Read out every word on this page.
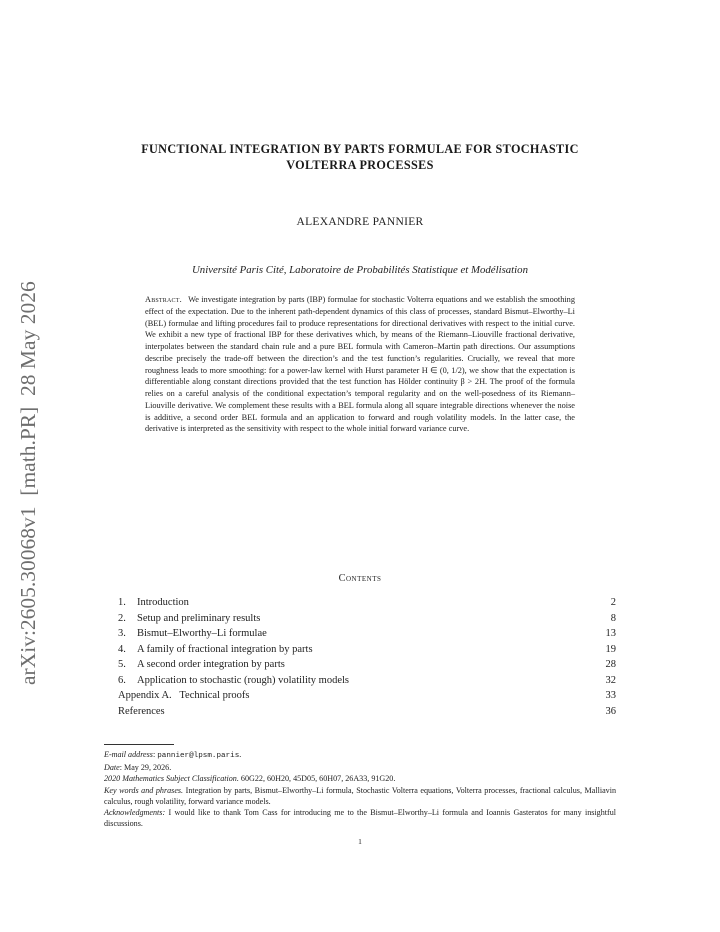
arXiv:2605.30068v1  [math.PR]  28 May 2026
FUNCTIONAL INTEGRATION BY PARTS FORMULAE FOR STOCHASTIC
VOLTERRA PROCESSES
ALEXANDRE PANNIER
Université Paris Cité, Laboratoire de Probabilités Statistique et Modélisation
Abstract. We investigate integration by parts (IBP) formulae for stochastic Volterra equations and we establish the smoothing effect of the expectation. Due to the inherent path-dependent dynamics of this class of processes, standard Bismut–Elworthy–Li (BEL) formulae and lifting procedures fail to produce representations for directional derivatives with respect to the initial curve. We exhibit a new type of fractional IBP for these derivatives which, by means of the Riemann–Liouville fractional derivative, interpolates between the standard chain rule and a pure BEL formula with Cameron–Martin path directions. Our assumptions describe precisely the trade-off between the direction’s and the test function’s regularities. Crucially, we reveal that more roughness leads to more smoothing: for a power-law kernel with Hurst parameter H ∈ (0, 1/2), we show that the expectation is differentiable along constant directions provided that the test function has Hölder continuity β > 2H. The proof of the formula relies on a careful analysis of the conditional expectation’s temporal regularity and on the well-posedness of its Riemann–Liouville derivative. We complement these results with a BEL formula along all square integrable directions whenever the noise is additive, a second order BEL formula and an application to forward and rough volatility models. In the latter case, the derivative is interpreted as the sensitivity with respect to the whole initial forward variance curve.
Contents
1.	Introduction	2
2.	Setup and preliminary results	8
3.	Bismut–Elworthy–Li formulae	13
4.	A family of fractional integration by parts	19
5.	A second order integration by parts	28
6.	Application to stochastic (rough) volatility models	32
Appendix A.   Technical proofs	33
References	36
E-mail address: pannier@lpsm.paris.
Date: May 29, 2026.
2020 Mathematics Subject Classification. 60G22, 60H20, 45D05, 60H07, 26A33, 91G20.
Key words and phrases. Integration by parts, Bismut–Elworthy–Li formula, Stochastic Volterra equations, Volterra processes, fractional calculus, Malliavin calculus, rough volatility, forward variance models.
Acknowledgments: I would like to thank Tom Cass for introducing me to the Bismut–Elworthy–Li formula and Ioannis Gasteratos for many insightful discussions.
1
